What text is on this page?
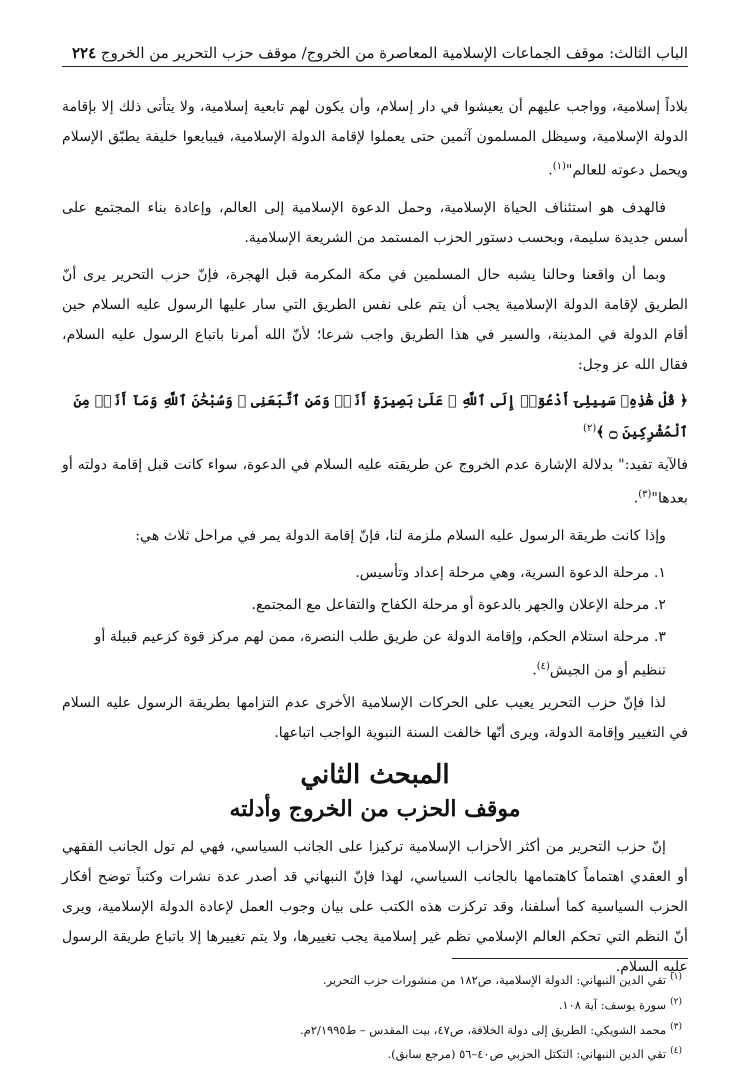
الباب الثالث: موقف الجماعات الإسلامية المعاصرة من الخروج/ موقف حزب التحرير من الخروج
٢٢٤

بلاداً إسلامية، وواجب عليهم أن يعيشوا في دار إسلام، وأن يكون لهم تابعية إسلامية، ولا يتأتى ذلك إلا بإقامة الدولة الإسلامية، وسيظل المسلمون آثمين حتى يعملوا لإقامة الدولة الإسلامية، فيبايعوا خليفة يطبّق الإسلام ويحمل دعوته للعالم"$^{(١)}$.

فالهدف هو استئناف الحياة الإسلامية، وحمل الدعوة الإسلامية إلى العالم، وإعادة بناء المجتمع على أسس جديدة سليمة، وبحسب دستور الحزب المستمد من الشريعة الإسلامية.

وبما أن واقعنا وحالنا يشبه حال المسلمين في مكة المكرمة قبل الهجرة، فإنّ حزب التحرير يرى أنّ الطريق لإقامة الدولة الإسلامية يجب أن يتم على نفس الطريق التي سار عليها الرسول عليه السلام حين أقام الدولة في المدينة، والسير في هذا الطريق واجب شرعا؛ لأنّ الله أمرنا باتباع الرسول عليه السلام، فقال الله عز وجل:

﴿ قُلْ هَٰذِهِۦ سَبِيلِىٓ أَدْعُوٓا۟ إِلَى ٱللَّهِ ۚ عَلَىٰ بَصِيرَةٍ أَنَا۠ وَمَنِ ٱتَّبَعَنِى ۖ وَسُبْحَٰنَ ٱللَّهِ وَمَآ أَنَا۠ مِنَ ٱلْمُشْرِكِينَ ۝ ﴾$^{(٢)}$

فالآية تفيد:" بدلالة الإشارة عدم الخروج عن طريقته عليه السلام في الدعوة، سواء كانت قبل إقامة دولته أو بعدها"$^{(٣)}$.

وإذا كانت طريقة الرسول عليه السلام ملزمة لنا، فإنّ إقامة الدولة يمر في مراحل ثلاث هي:

١. مرحلة الدعوة السرية، وهي مرحلة إعداد وتأسيس.
٢. مرحلة الإعلان والجهر بالدعوة أو مرحلة الكفاح والتفاعل مع المجتمع.
٣. مرحلة استلام الحكم، وإقامة الدولة عن طريق طلب النصرة، ممن لهم مركز قوة كزعيم قبيلة أو تنظيم أو من الجيش$^{(٤)}$.

لذا فإنّ حزب التحرير يعيب على الحركات الإسلامية الأخرى عدم التزامها بطريقة الرسول عليه السلام في التغيير وإقامة الدولة، ويرى أنّها خالفت السنة النبوية الواجب اتباعها.

المبحث الثاني
موقف الحزب من الخروج وأدلته

إنّ حزب التحرير من أكثر الأحزاب الإسلامية تركيزا على الجانب السياسي، فهي لم تول الجانب الفقهي أو العقدي اهتماماً كاهتمامها بالجانب السياسي، لهذا فإنّ النبهاني قد أصدر عدة نشرات وكتباً توضح أفكار الحزب السياسية كما أسلفنا، وقد تركزت هذه الكتب على بيان وجوب العمل لإعادة الدولة الإسلامية، ويرى أنّ النظم التي تحكم العالم الإسلامي نظم غير إسلامية يجب تغييرها، ولا يتم تغييرها إلا باتباع طريقة الرسول عليه السلام.

$^{(١)}$تقي الدين النبهاني: الدولة الإسلامية، ص١٨٢ من منشورات حزب التحرير.
$^{(٢)}$سورة يوسف: آية ١٠٨.
$^{(٣)}$محمد الشويكي: الطريق إلى دولة الخلافة، ص٤٧، بيت المقدس – ط٢/١٩٩٥م.
$^{(٤)}$تقي الدين النبهاني: التكتل الحزبي ص٤٠–٥٦ (مرجع سابق).
